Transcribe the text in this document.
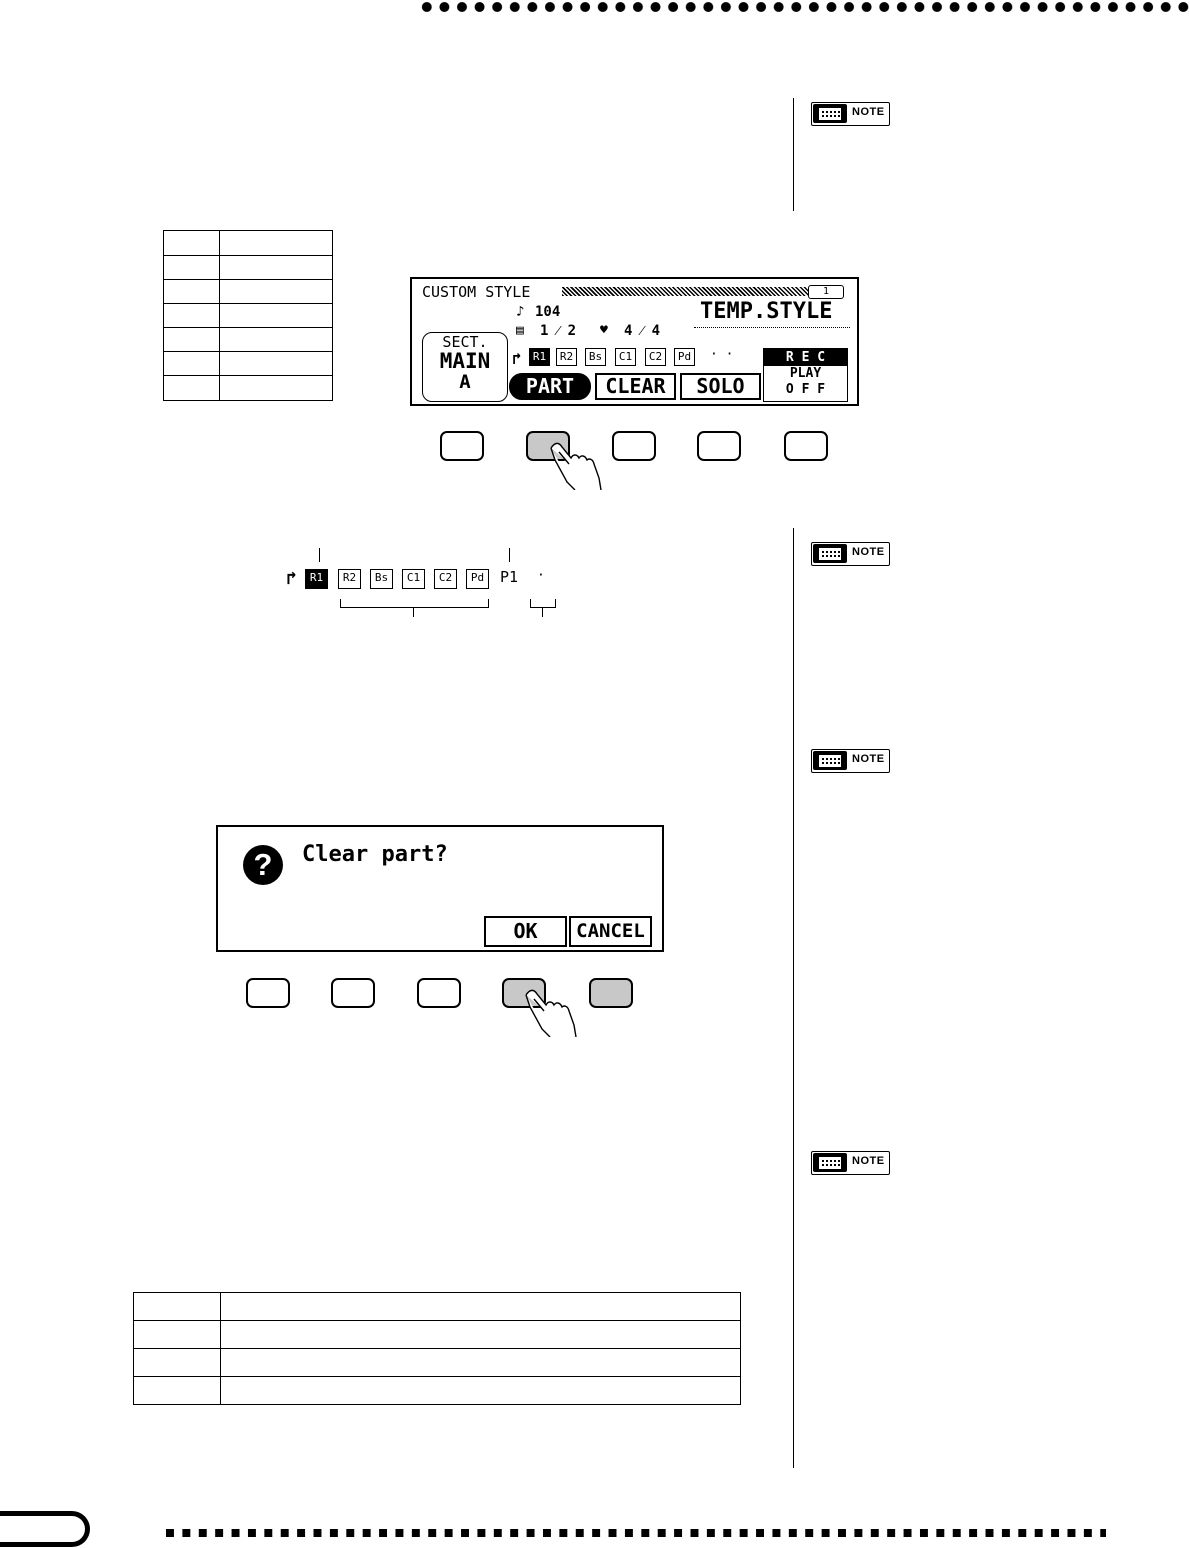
NOTE
NOTE
NOTE
NOTE

CUSTOM STYLE	1
♪ 104
▤ 1 ⁄ 2 ♥ 4 ⁄ 4
TEMP.STYLE
SECT.
MAIN
A
↱	R1	R2	Bs	C1	C2	Pd · ·
PART	CLEAR	SOLO
R E C
PLAY
O F F
↱	R1	R2	Bs	C1	C2	Pd	P1 ·
?	Clear part?
OK	CANCEL
